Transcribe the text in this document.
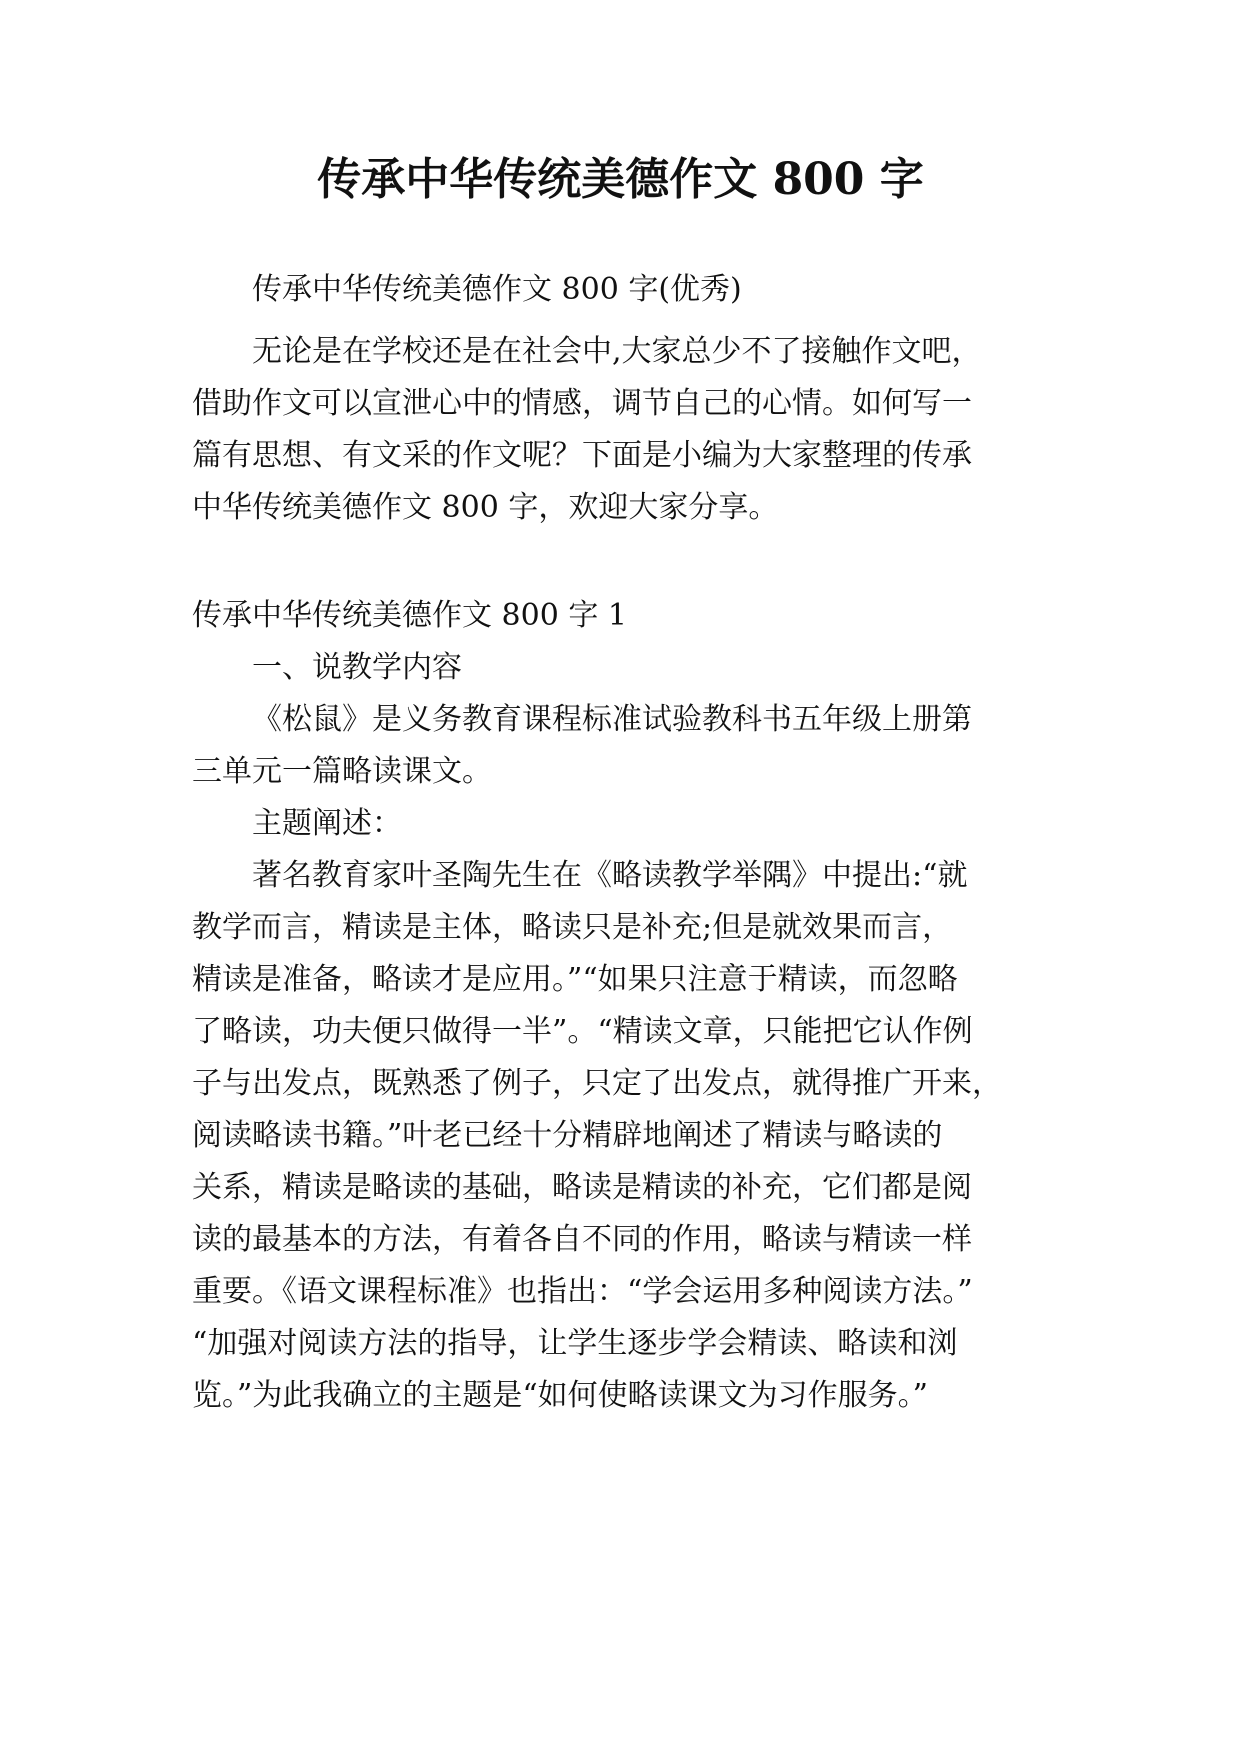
传承中华传统美德作文 800 字
传承中华传统美德作文 800 字(优秀)
无论是在学校还是在社会中,大家总少不了接触作文吧，
借助作文可以宣泄心中的情感，调节自己的心情。如何写一
篇有思想、有文采的作文呢？下面是小编为大家整理的传承
中华传统美德作文 800 字，欢迎大家分享。
传承中华传统美德作文 800 字 1
一、说教学内容
《松鼠》是义务教育课程标准试验教科书五年级上册第
三单元一篇略读课文。
主题阐述：
著名教育家叶圣陶先生在《略读教学举隅》中提出:“就
教学而言，精读是主体，略读只是补充;但是就效果而言，
精读是准备，略读才是应用。”“如果只注意于精读，而忽略
了略读，功夫便只做得一半”。“精读文章，只能把它认作例
子与出发点，既熟悉了例子，只定了出发点，就得推广开来，
阅读略读书籍。”叶老已经十分精辟地阐述了精读与略读的
关系，精读是略读的基础，略读是精读的补充，它们都是阅
读的最基本的方法，有着各自不同的作用，略读与精读一样
重要。《语文课程标准》也指出：“学会运用多种阅读方法。”
“加强对阅读方法的指导，让学生逐步学会精读、略读和浏
览。”为此我确立的主题是“如何使略读课文为习作服务。”
